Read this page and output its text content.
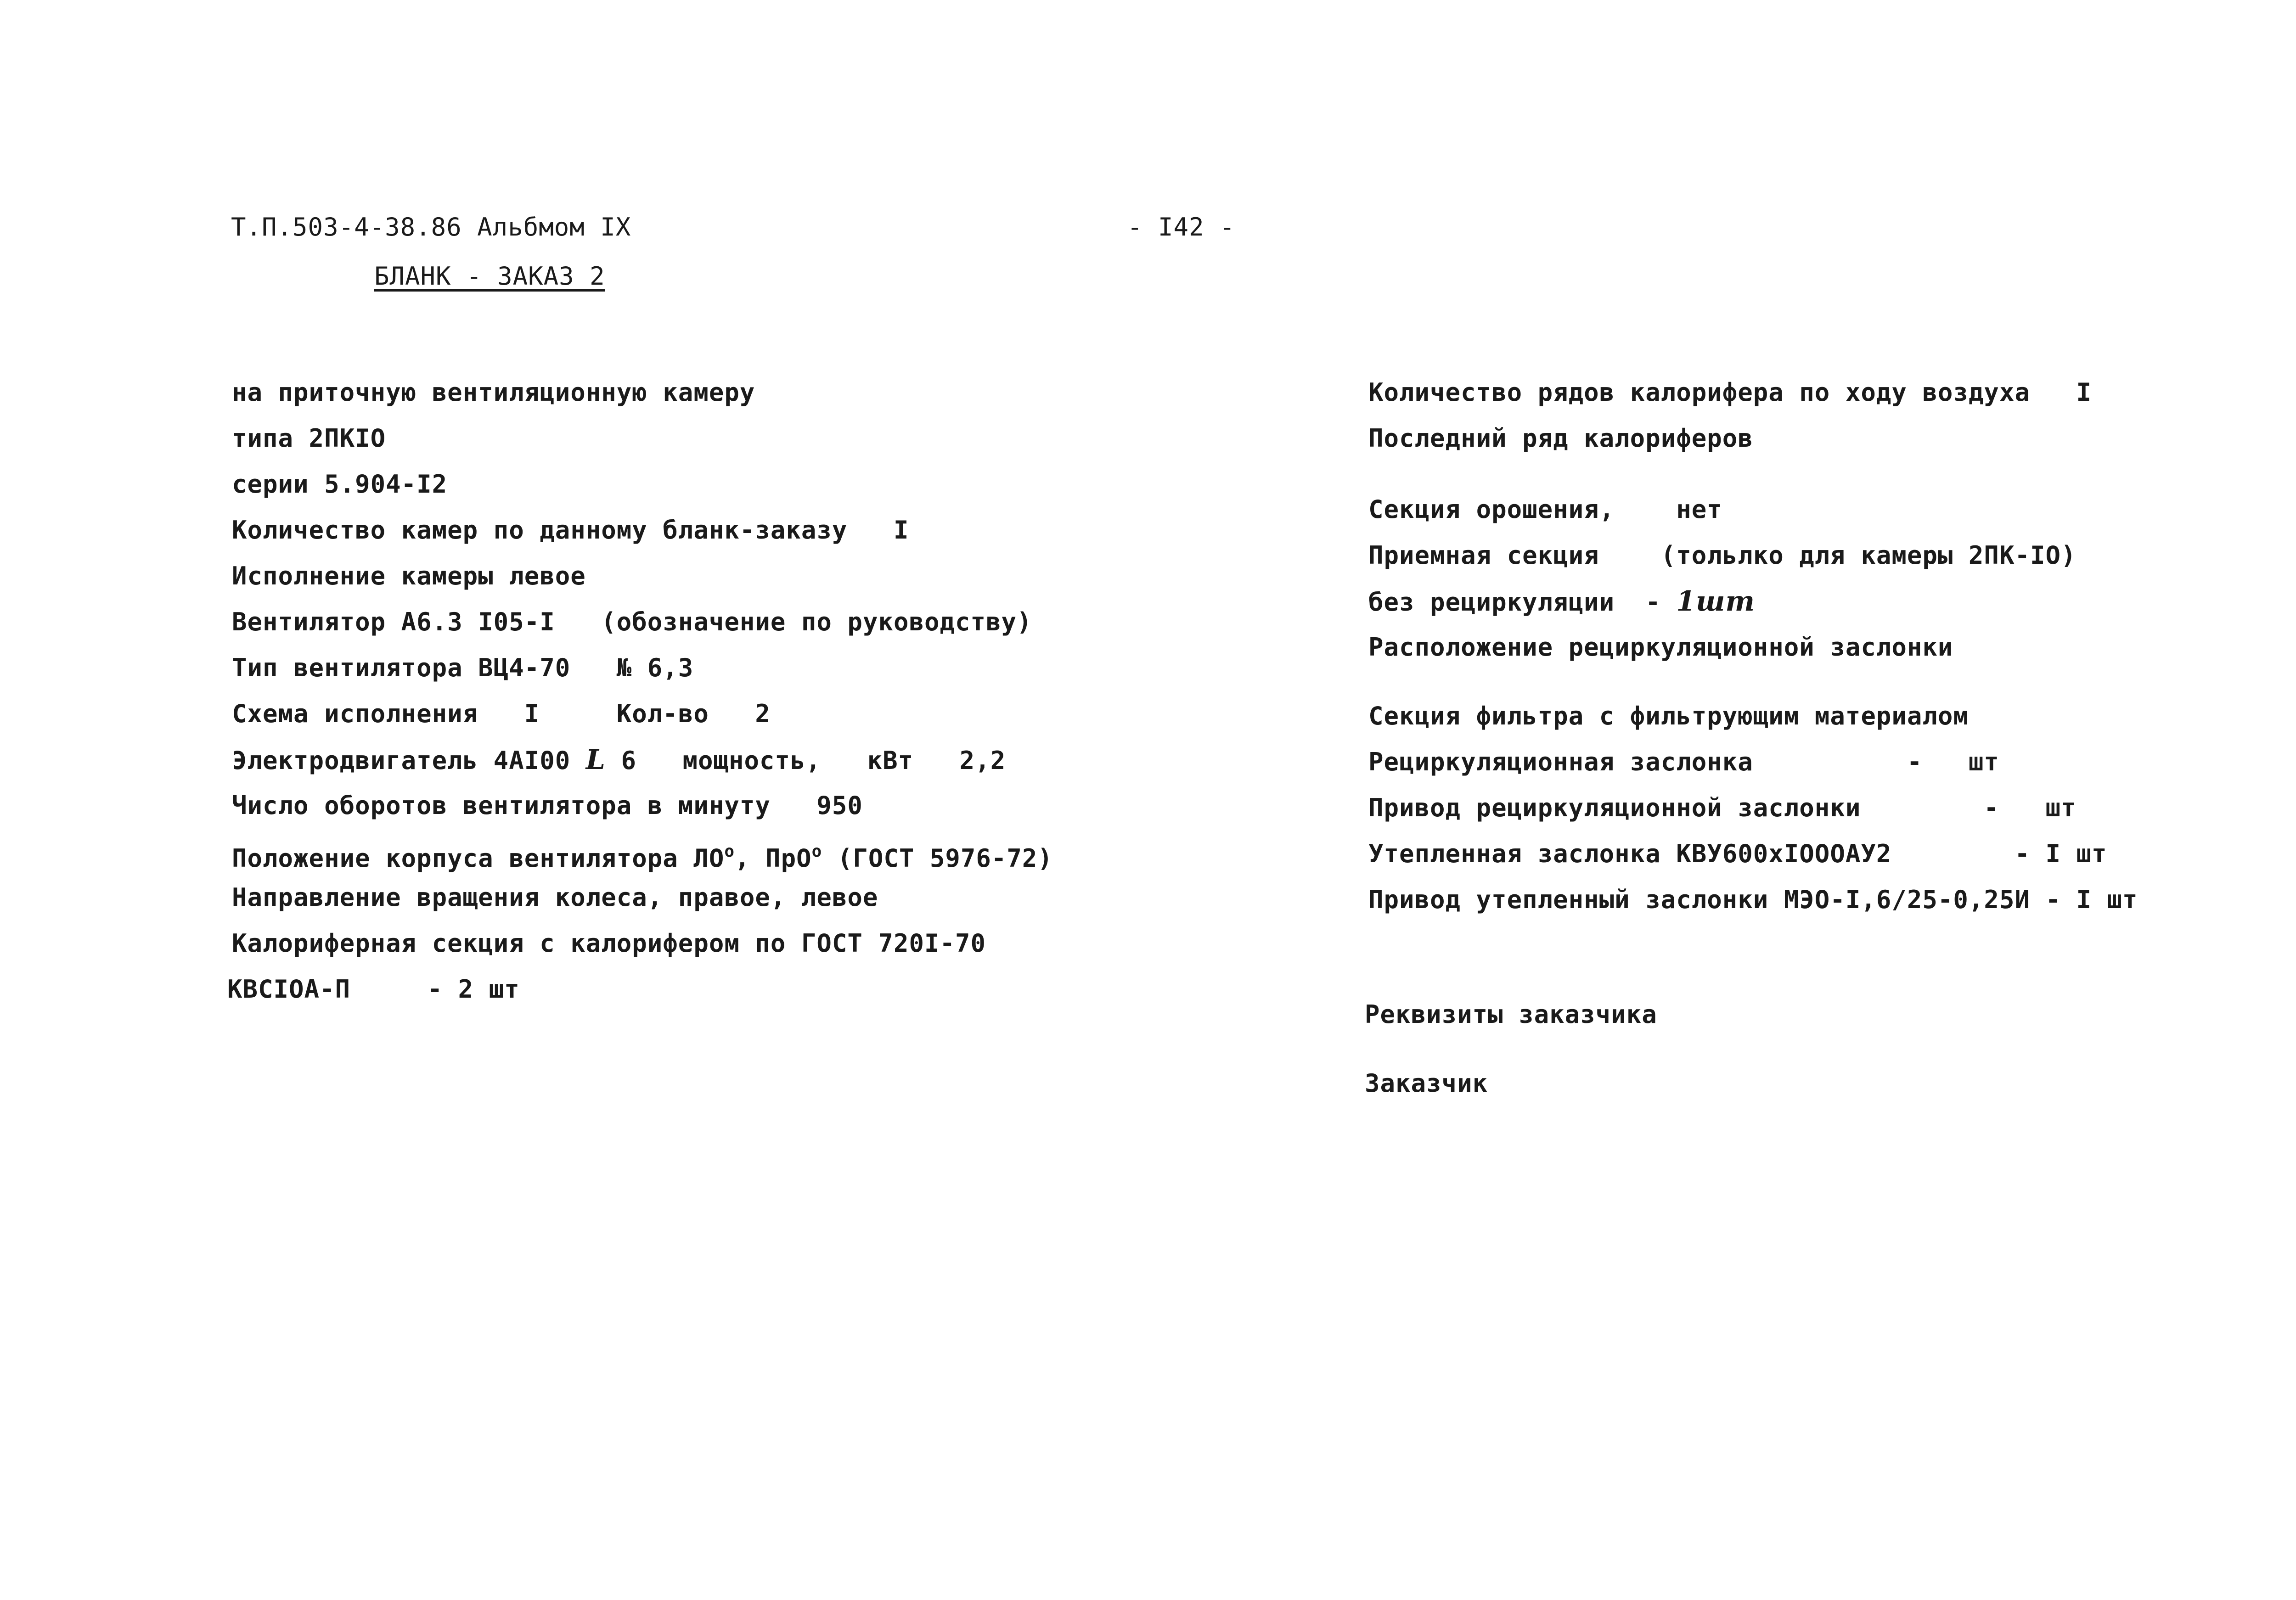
Т.П.503-4-38.86 Альбмом IX	- I42 -
БЛАНК - ЗАКАЗ 2
на приточную вентиляционную камеру
типа 2ПКIO
серии 5.904-I2
Количество камер по данному бланк-заказу   I
Исполнение камеры левое
Вентилятор А6.3 I05-I   (обозначение по руководству)
Тип вентилятора ВЦ4-70   № 6,3
Схема исполнения   I     Кол-во   2
Электродвигатель 4АI00 L 6   мощность,   кВт   2,2
Число оборотов вентилятора в минуту   950
Положение корпуса вентилятора $ЛО^о$, ПрО$^о$ (ГОСТ 5976-72)
Направление вращения колеса, правое, левое
Калориферная секция с калорифером по ГОСТ 720I-70
КВСIOA-П     - 2 шт
Количество рядов калорифера по ходу воздуха   I
Последний ряд калориферов
Секция орошения,    нет
Приемная секция    (тольлко для камеры 2ПК-IO)
без рециркуляции  - 1шт
Расположение рециркуляционной заслонки
Секция фильтра с фильтрующим материалом
Рециркуляционная заслонка          -   шт
Привод рециркуляционной заслонки        -   шт
Утепленная заслонка КВУ600хIOOOАУ2        - I шт
Привод утепленный заслонки МЭО-I,6/25-0,25И - I шт
Реквизиты заказчика
Заказчик
